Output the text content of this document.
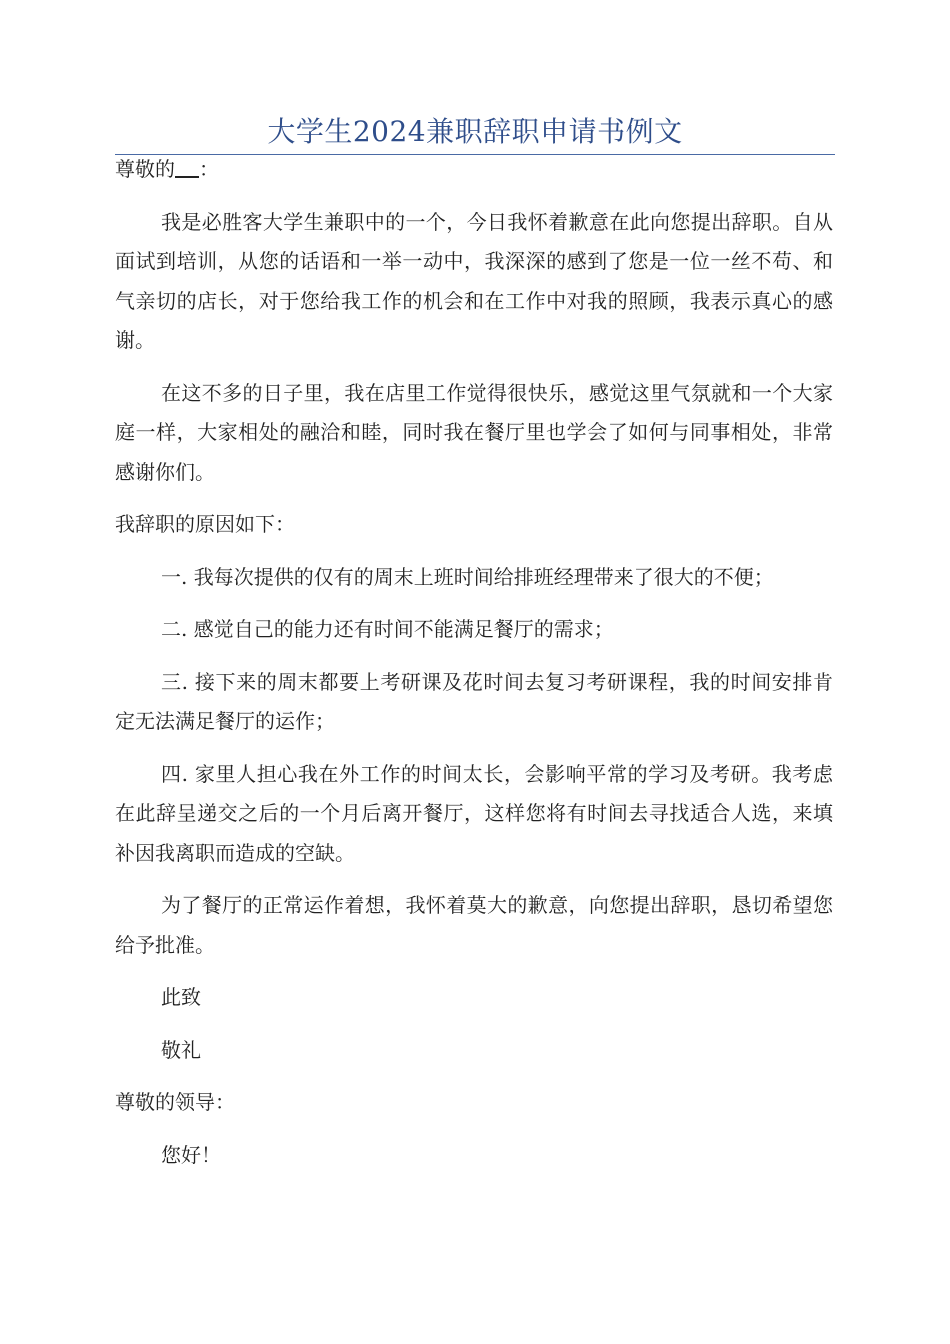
大学生2024兼职辞职申请书例文

尊敬的 ：

我是必胜客大学生兼职中的一个，今日我怀着歉意在此向您提出辞职。自从面试到培训，从您的话语和一举一动中，我深深的感到了您是一位一丝不苟、和气亲切的店长，对于您给我工作的机会和在工作中对我的照顾，我表示真心的感谢。

在这不多的日子里，我在店里工作觉得很快乐，感觉这里气氛就和一个大家庭一样，大家相处的融洽和睦，同时我在餐厅里也学会了如何与同事相处，非常感谢你们。

我辞职的原因如下：

一. 我每次提供的仅有的周末上班时间给排班经理带来了很大的不便；

二. 感觉自己的能力还有时间不能满足餐厅的需求；

三. 接下来的周末都要上考研课及花时间去复习考研课程，我的时间安排肯定无法满足餐厅的运作；

四. 家里人担心我在外工作的时间太长，会影响平常的学习及考研。我考虑在此辞呈递交之后的一个月后离开餐厅，这样您将有时间去寻找适合人选，来填补因我离职而造成的空缺。

为了餐厅的正常运作着想，我怀着莫大的歉意，向您提出辞职，恳切希望您给予批准。

此致

敬礼

尊敬的领导：

您好！
